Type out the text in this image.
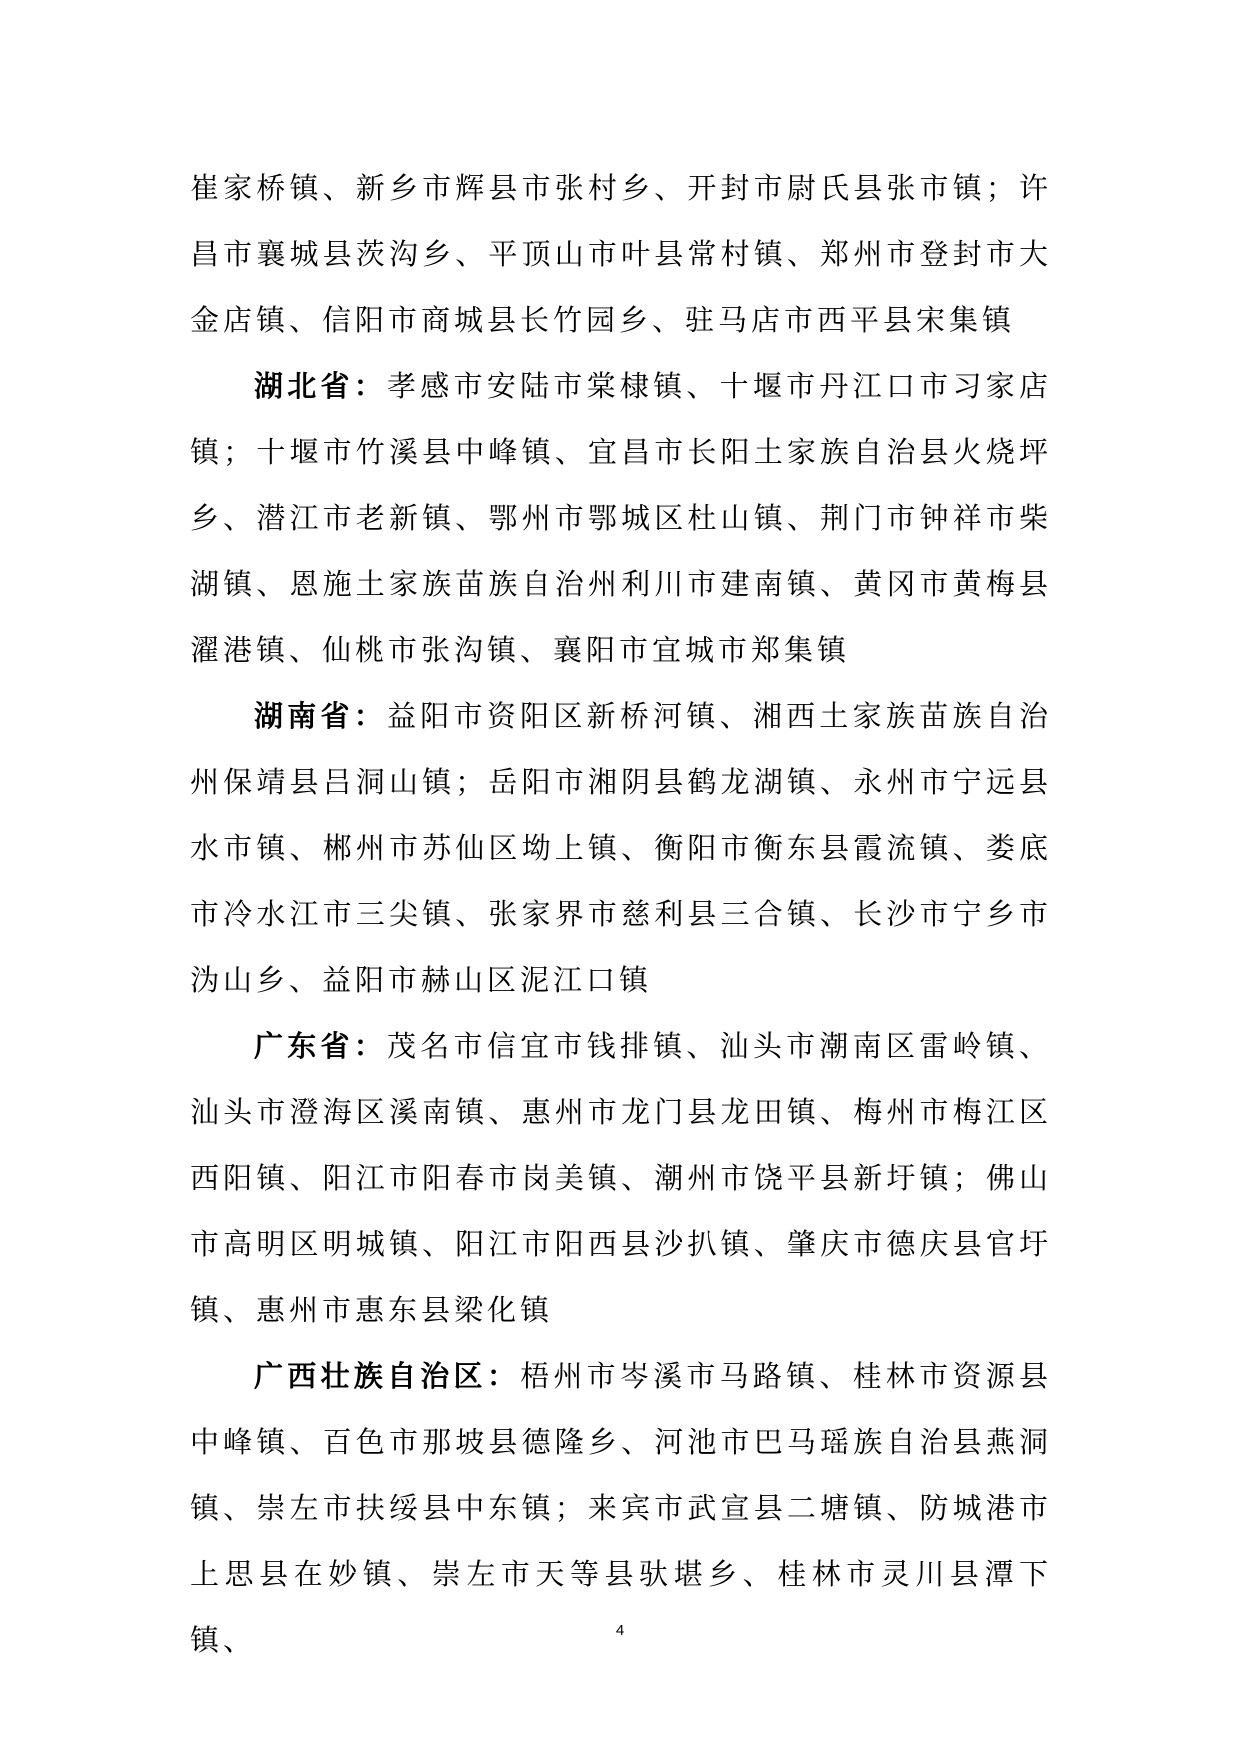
崔家桥镇、新乡市辉县市张村乡、开封市尉氏县张市镇；许昌市襄城县茨沟乡、平顶山市叶县常村镇、郑州市登封市大金店镇、信阳市商城县长竹园乡、驻马店市西平县宋集镇

湖北省：孝感市安陆市棠棣镇、十堰市丹江口市习家店镇；十堰市竹溪县中峰镇、宜昌市长阳土家族自治县火烧坪乡、潜江市老新镇、鄂州市鄂城区杜山镇、荆门市钟祥市柴湖镇、恩施土家族苗族自治州利川市建南镇、黄冈市黄梅县濯港镇、仙桃市张沟镇、襄阳市宜城市郑集镇

湖南省：益阳市资阳区新桥河镇、湘西土家族苗族自治州保靖县吕洞山镇；岳阳市湘阴县鹤龙湖镇、永州市宁远县水市镇、郴州市苏仙区坳上镇、衡阳市衡东县霞流镇、娄底市冷水江市三尖镇、张家界市慈利县三合镇、长沙市宁乡市沩山乡、益阳市赫山区泥江口镇

广东省：茂名市信宜市钱排镇、汕头市潮南区雷岭镇、汕头市澄海区溪南镇、惠州市龙门县龙田镇、梅州市梅江区西阳镇、阳江市阳春市岗美镇、潮州市饶平县新圩镇；佛山市高明区明城镇、阳江市阳西县沙扒镇、肇庆市德庆县官圩镇、惠州市惠东县梁化镇

广西壮族自治区：梧州市岑溪市马路镇、桂林市资源县中峰镇、百色市那坡县德隆乡、河池市巴马瑶族自治县燕洞镇、崇左市扶绥县中东镇；来宾市武宣县二塘镇、防城港市上思县在妙镇、崇左市天等县驮堪乡、桂林市灵川县潭下镇、	4
